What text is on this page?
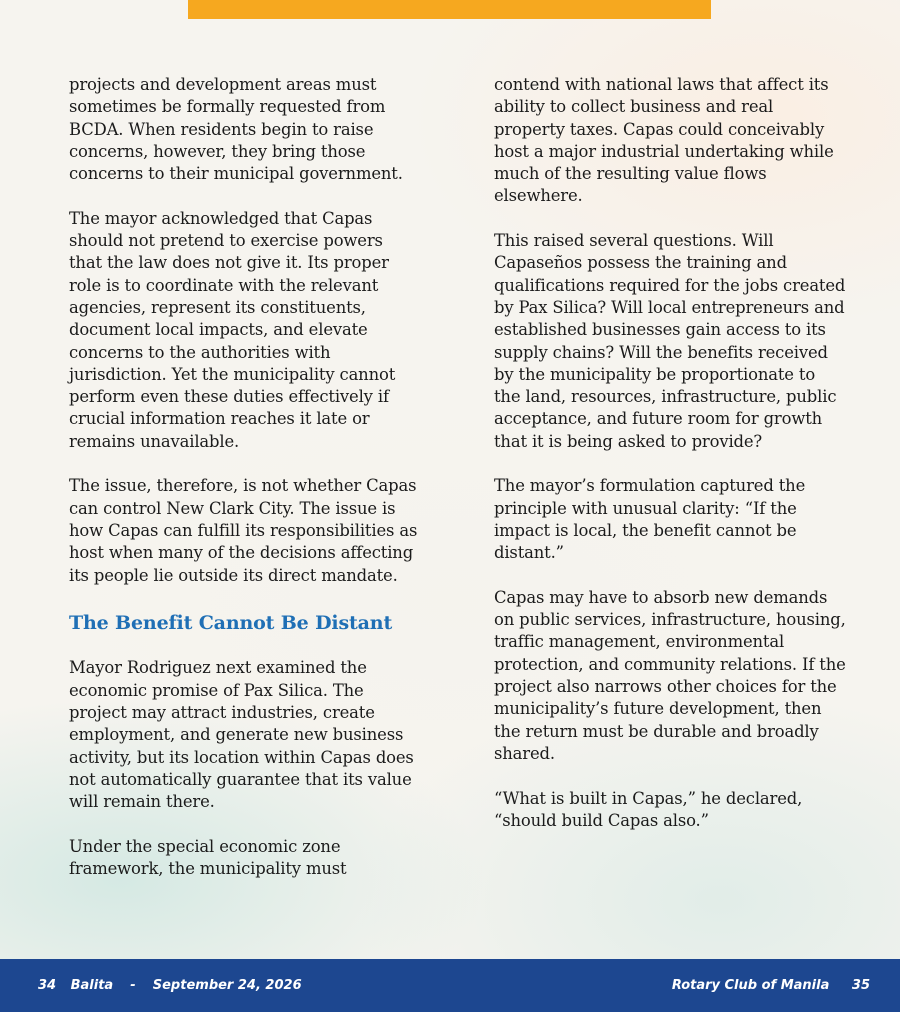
projects and development areas must sometimes be formally requested from BCDA. When residents begin to raise concerns, however, they bring those concerns to their municipal government.

The mayor acknowledged that Capas should not pretend to exercise powers that the law does not give it. Its proper role is to coordinate with the relevant agencies, represent its constituents, document local impacts, and elevate concerns to the authorities with jurisdiction. Yet the municipality cannot perform even these duties effectively if crucial information reaches it late or remains unavailable.

The issue, therefore, is not whether Capas can control New Clark City. The issue is how Capas can fulfill its responsibilities as host when many of the decisions affecting its people lie outside its direct mandate.

The Benefit Cannot Be Distant

Mayor Rodriguez next examined the economic promise of Pax Silica. The project may attract industries, create employment, and generate new business activity, but its location within Capas does not automatically guarantee that its value will remain there.

Under the special economic zone framework, the municipality must

contend with national laws that affect its ability to collect business and real property taxes. Capas could conceivably host a major industrial undertaking while much of the resulting value flows elsewhere.

This raised several questions. Will Capaseños possess the training and qualifications required for the jobs created by Pax Silica? Will local entrepreneurs and established businesses gain access to its supply chains? Will the benefits received by the municipality be proportionate to the land, resources, infrastructure, public acceptance, and future room for growth that it is being asked to provide?

The mayor’s formulation captured the principle with unusual clarity: “If the impact is local, the benefit cannot be distant.”

Capas may have to absorb new demands on public services, infrastructure, housing, traffic management, environmental protection, and community relations. If the project also narrows other choices for the municipality’s future development, then the return must be durable and broadly shared.

“What is built in Capas,” he declared, “should build Capas also.”

34 Balita - September 24, 2026	Rotary Club of Manila 35
